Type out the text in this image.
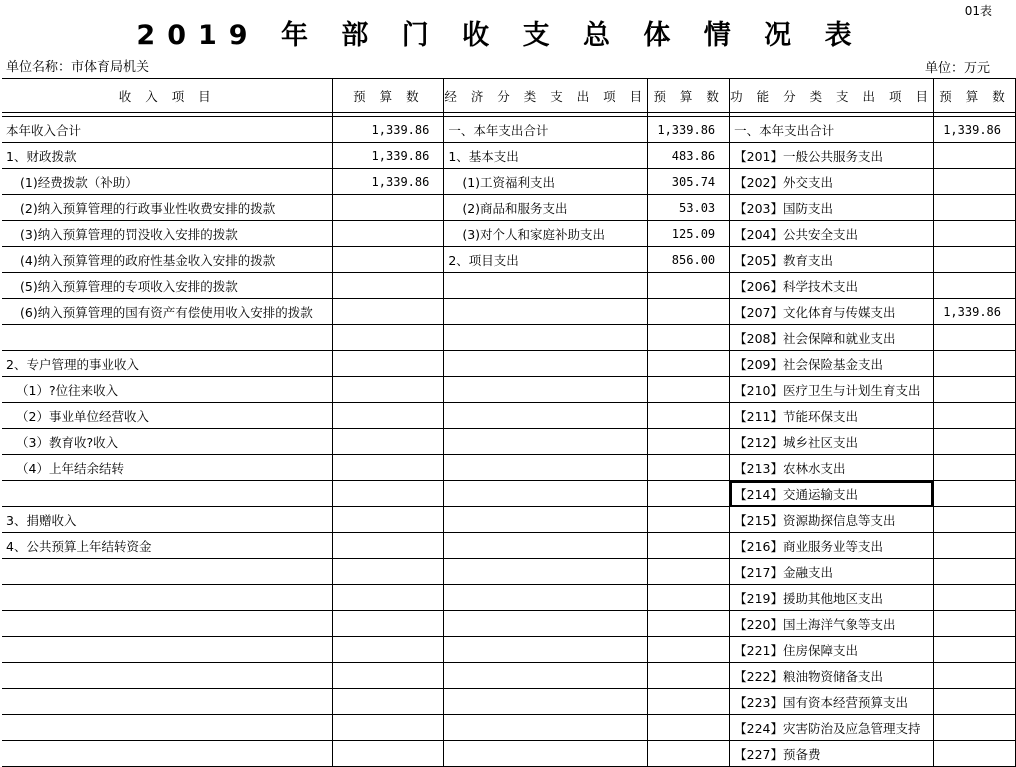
01表
2019 年 部 门 收 支 总 体 情 况 表
单位名称：市体育局机关	单位：万元
收 入 项 目	预 算 数	经 济 分 类 支 出 项 目	预 算 数	功 能 分 类 支 出 项 目	预 算 数

本年收入合计	1,339.86	一、本年支出合计	1,339.86	一、本年支出合计	1,339.86
1、财政拨款	1,339.86	1、基本支出	483.86	【201】一般公共服务支出	
(1)经费拨款（补助）	1,339.86	(1)工资福利支出	305.74	【202】外交支出	
(2)纳入预算管理的行政事业性收费安排的拨款		(2)商品和服务支出	53.03	【203】国防支出	
(3)纳入预算管理的罚没收入安排的拨款		(3)对个人和家庭补助支出	125.09	【204】公共安全支出	
(4)纳入预算管理的政府性基金收入安排的拨款		2、项目支出	856.00	【205】教育支出	
(5)纳入预算管理的专项收入安排的拨款				【206】科学技术支出	
(6)纳入预算管理的国有资产有偿使用收入安排的拨款				【207】文化体育与传媒支出	1,339.86
				【208】社会保障和就业支出	
2、专户管理的事业收入				【209】社会保险基金支出	
（1）?位往来收入				【210】医疗卫生与计划生育支出	
（2）事业单位经营收入				【211】节能环保支出	
（3）教育收?收入				【212】城乡社区支出	
（4）上年结余结转				【213】农林水支出	
				【214】交通运输支出	
3、捐赠收入				【215】资源勘探信息等支出	
4、公共预算上年结转资金				【216】商业服务业等支出	
				【217】金融支出	
				【219】援助其他地区支出	
				【220】国土海洋气象等支出	
				【221】住房保障支出	
				【222】粮油物资储备支出	
				【223】国有资本经营预算支出	
				【224】灾害防治及应急管理支持	
				【227】预备费	
